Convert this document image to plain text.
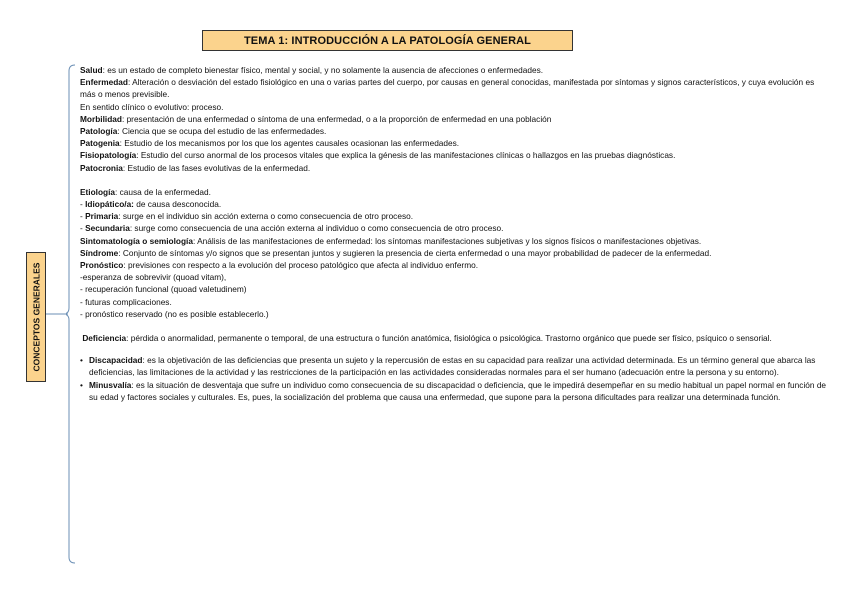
TEMA 1: INTRODUCCIÓN A LA PATOLOGÍA GENERAL
CONCEPTOS GENERALES

Salud: es un estado de completo bienestar físico, mental y social, y no solamente la ausencia de afecciones o enfermedades.

Enfermedad: Alteración o desviación del estado fisiológico en una o varias partes del cuerpo, por causas en general conocidas, manifestada por síntomas y signos característicos, y cuya evolución es más o menos previsible.

En sentido clínico o evolutivo: proceso.

Morbilidad: presentación de una enfermedad o síntoma de una enfermedad, o a la proporción de enfermedad en una población

Patología: Ciencia que se ocupa del estudio de las enfermedades.

Patogenia: Estudio de los mecanismos por los que los agentes causales ocasionan las enfermedades.

Fisiopatología: Estudio del curso anormal de los procesos vitales que explica la génesis de las manifestaciones clínicas o hallazgos en las pruebas diagnósticas.

Patocronia: Estudio de las fases evolutivas de la enfermedad.

Etiología: causa de la enfermedad.

- Idiopático/a: de causa desconocida.

- Primaria: surge en el individuo sin acción externa o como consecuencia de otro proceso.

- Secundaria: surge como consecuencia de una acción externa al individuo o como consecuencia de otro proceso.

Sintomatología o semiología: Análisis de las manifestaciones de enfermedad: los síntomas manifestaciones subjetivas y los signos físicos o manifestaciones objetivas.

Síndrome: Conjunto de síntomas y/o signos que se presentan juntos y sugieren la presencia de cierta enfermedad o una mayor probabilidad de padecer de la enfermedad.

Pronóstico: previsiones con respecto a la evolución del proceso patológico que afecta al individuo enfermo.

-esperanza de sobrevivir (quoad vitam),

- recuperación funcional (quoad valetudinem)

- futuras complicaciones.

- pronóstico reservado (no es posible establecerlo.)

Deficiencia: pérdida o anormalidad, permanente o temporal, de una estructura o función anatómica, fisiológica o psicológica. Trastorno orgánico que puede ser físico, psíquico o sensorial.

• Discapacidad: es la objetivación de las deficiencias que presenta un sujeto y la repercusión de estas en su capacidad para realizar una actividad determinada. Es un término general que abarca las deficiencias, las limitaciones de la actividad y las restricciones de la participación en las actividades consideradas normales para el ser humano (adecuación entre la persona y su entorno).

• Minusvalía: es la situación de desventaja que sufre un individuo como consecuencia de su discapacidad o deficiencia, que le impedirá desempeñar en su medio habitual un papel normal en función de su edad y factores sociales y culturales. Es, pues, la socialización del problema que causa una enfermedad, que supone para la persona dificultades para realizar una determinada función.
